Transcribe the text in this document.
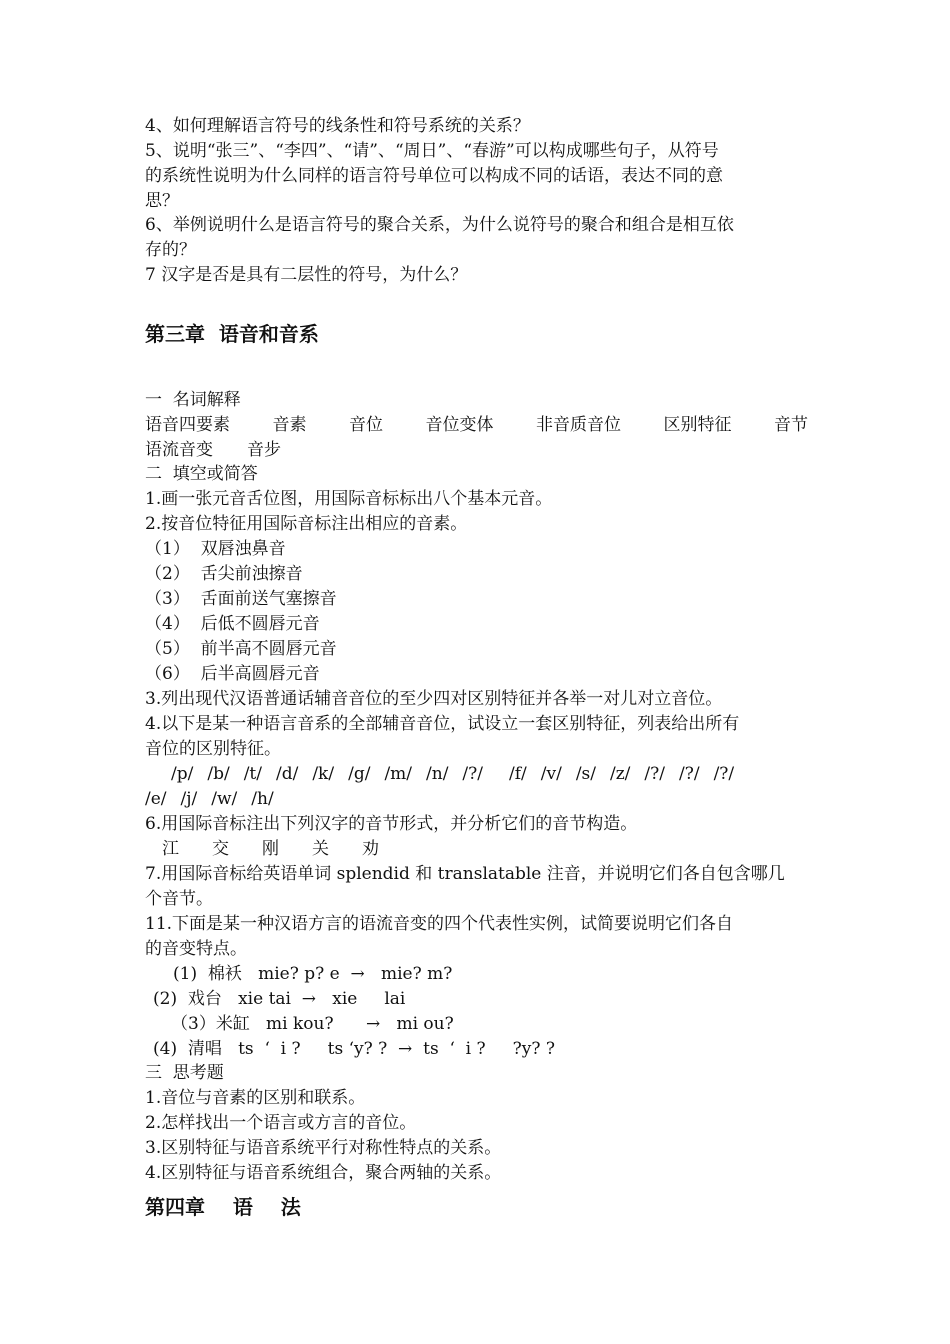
4、如何理解语言符号的线条性和符号系统的关系？
5、说明“张三”、“李四”、“请”、“周日”、“春游”可以构成哪些句子，从符号
的系统性说明为什么同样的语言符号单位可以构成不同的话语，表达不同的意
思？
6、举例说明什么是语言符号的聚合关系，为什么说符号的聚合和组合是相互依
存的？
7 汉字是否是具有二层性的符号，为什么？
第三章  语音和音系
一  名词解释
语音四要素	音素	音位	音位变体	非音质音位	区别特征	音节
语流音变 音步
二  填空或简答
1.画一张元音舌位图，用国际音标标出八个基本元音。
2.按音位特征用国际音标注出相应的音素。
（1）  双唇浊鼻音
（2）  舌尖前浊擦音
（3）  舌面前送气塞擦音
（4）  后低不圆唇元音
（5）  前半高不圆唇元音
（6）  后半高圆唇元音
3.列出现代汉语普通话辅音音位的至少四对区别特征并各举一对儿对立音位。
4.以下是某一种语言音系的全部辅音音位，试设立一套区别特征，列表给出所有
音位的区别特征。
/p/ /b/ /t/ /d/ /k/ /g/ /m/ /n/ /?/ /f/ /v/ /s/ /z/ /?/ /?/ /?/
/e/ /j/ /w/ /h/
6.用国际音标注出下列汉字的音节形式，并分析它们的音节构造。
江 交 刚 关 劝
7.用国际音标给英语单词 splendid 和 translatable 注音，并说明它们各自包含哪几
个音节。
11.下面是某一种汉语方言的语流音变的四个代表性实例，试简要说明它们各自
的音变特点。
(1)  棉袄   mie? p? e  →   mie? m?
(2)  戏台   xie tai  →   xie     lai
（3）米缸   mi kou?      →   mi ou?
(4)  清唱   ts  ‘  i ?     ts ‘y? ?  →  ts  ‘  i ?     ?y? ?
三  思考题
1.音位与音素的区别和联系。
2.怎样找出一个语言或方言的音位。
3.区别特征与语音系统平行对称性特点的关系。
4.区别特征与语音系统组合，聚合两轴的关系。
第四章    语    法
